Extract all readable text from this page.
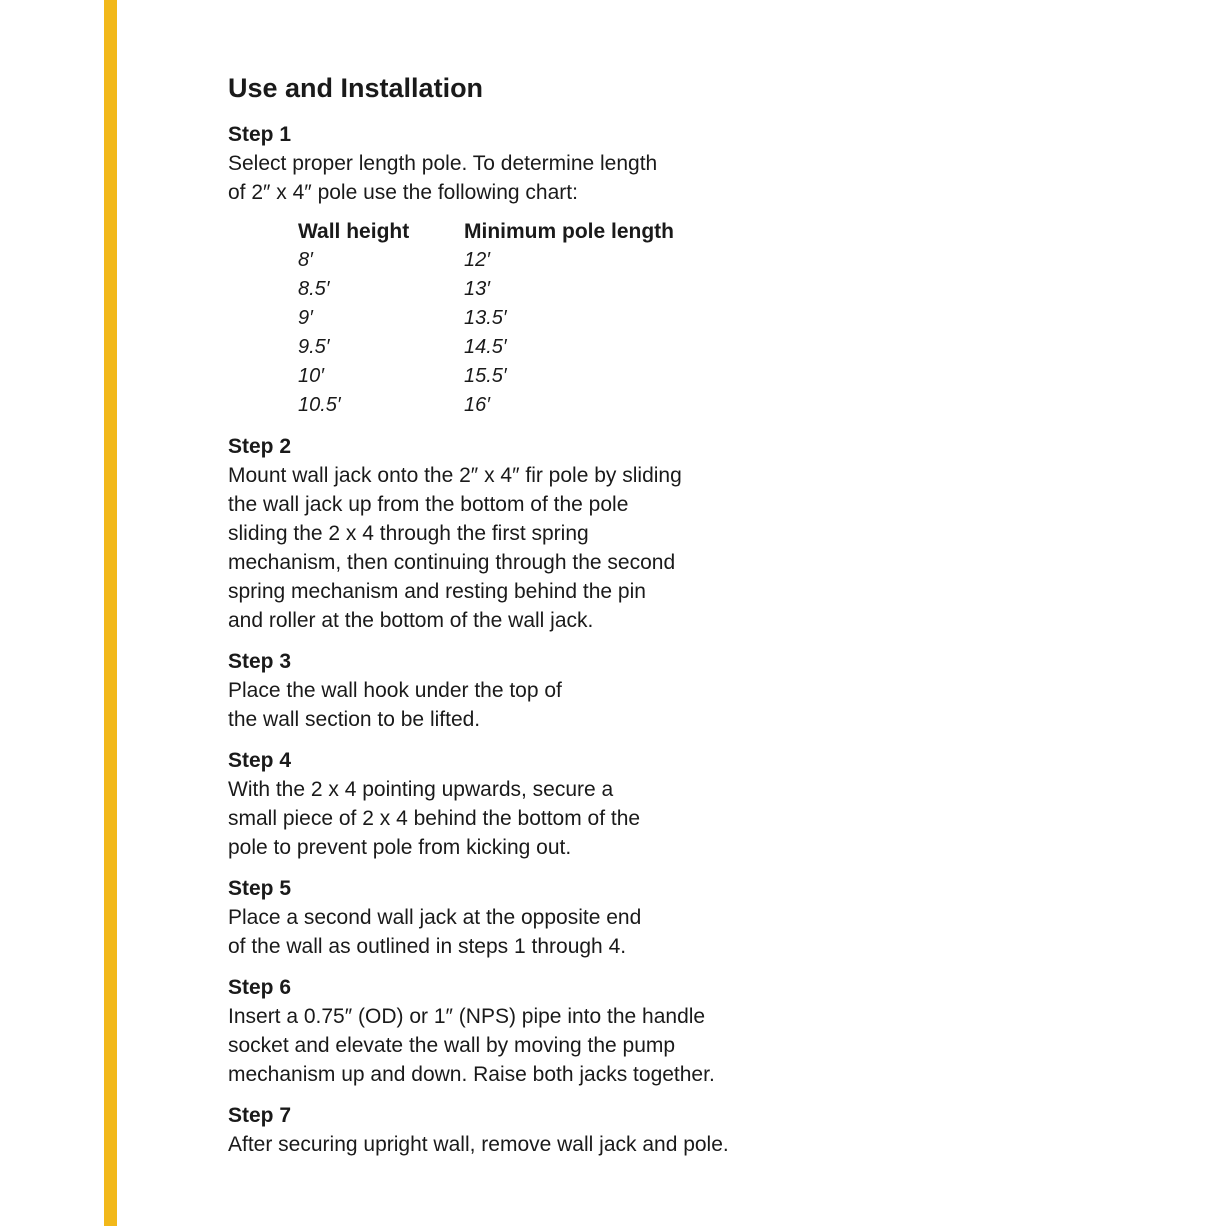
Use and Installation
Step 1

Select proper length pole. To determine length

of 2″ x 4″ pole use the following chart:

Wall height	Minimum pole length
8′	12′
8.5′	13′
9′	13.5′
9.5′	14.5′
10′	15.5′
10.5′	16′
Step 2

Mount wall jack onto the 2″ x 4″ fir pole by sliding

the wall jack up from the bottom of the pole

sliding the 2 x 4 through the first spring

mechanism, then continuing through the second

spring mechanism and resting behind the pin

and roller at the bottom of the wall jack.

Step 3

Place the wall hook under the top of

the wall section to be lifted.

Step 4

With the 2 x 4 pointing upwards, secure a

small piece of 2 x 4 behind the bottom of the

pole to prevent pole from kicking out.

Step 5

Place a second wall jack at the opposite end

of the wall as outlined in steps 1 through 4.

Step 6

Insert a 0.75″ (OD) or 1″ (NPS) pipe into the handle

socket and elevate the wall by moving the pump

mechanism up and down. Raise both jacks together.

Step 7

After securing upright wall, remove wall jack and pole.
